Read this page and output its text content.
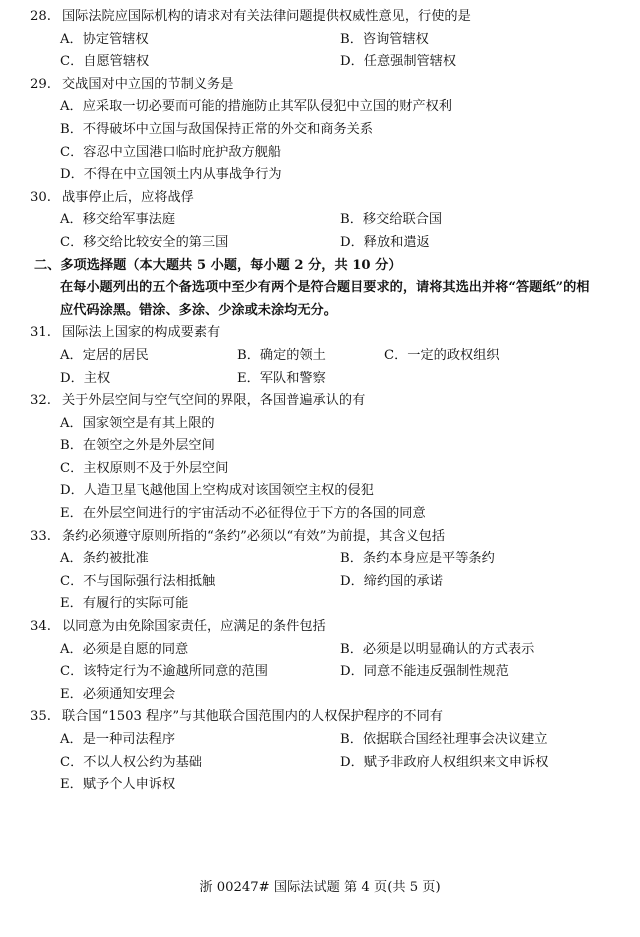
28. 国际法院应国际机构的请求对有关法律问题提供权威性意见，行使的是
A．协定管辖权	B．咨询管辖权
C．自愿管辖权	D．任意强制管辖权
29. 交战国对中立国的节制义务是
A．应采取一切必要而可能的措施防止其军队侵犯中立国的财产权利
B．不得破坏中立国与敌国保持正常的外交和商务关系
C．容忍中立国港口临时庇护敌方舰船
D．不得在中立国领土内从事战争行为
30. 战事停止后，应将战俘
A．移交给军事法庭	B．移交给联合国
C．移交给比较安全的第三国	D．释放和遣返
二、多项选择题（本大题共 5 小题，每小题 2 分，共 10 分）
在每小题列出的五个备选项中至少有两个是符合题目要求的，请将其选出并将“答题纸”的相应代码涂黑。错涂、多涂、少涂或未涂均无分。
31. 国际法上国家的构成要素有
A．定居的居民	B．确定的领土	C．一定的政权组织
D．主权	E．军队和警察
32. 关于外层空间与空气空间的界限，各国普遍承认的有
A．国家领空是有其上限的
B．在领空之外是外层空间
C．主权原则不及于外层空间
D．人造卫星飞越他国上空构成对该国领空主权的侵犯
E．在外层空间进行的宇宙活动不必征得位于下方的各国的同意
33. 条约必须遵守原则所指的“条约”必须以“有效”为前提，其含义包括
A．条约被批准	B．条约本身应是平等条约
C．不与国际强行法相抵触	D．缔约国的承诺
E．有履行的实际可能
34. 以同意为由免除国家责任，应满足的条件包括
A．必须是自愿的同意	B．必须是以明显确认的方式表示
C．该特定行为不逾越所同意的范围	D．同意不能违反强制性规范
E．必须通知安理会
35. 联合国“1503 程序”与其他联合国范围内的人权保护程序的不同有
A．是一种司法程序	B．依据联合国经社理事会决议建立
C．不以人权公约为基础	D．赋予非政府人权组织来文申诉权
E．赋予个人申诉权
浙 00247# 国际法试题 第 4 页(共 5 页)
